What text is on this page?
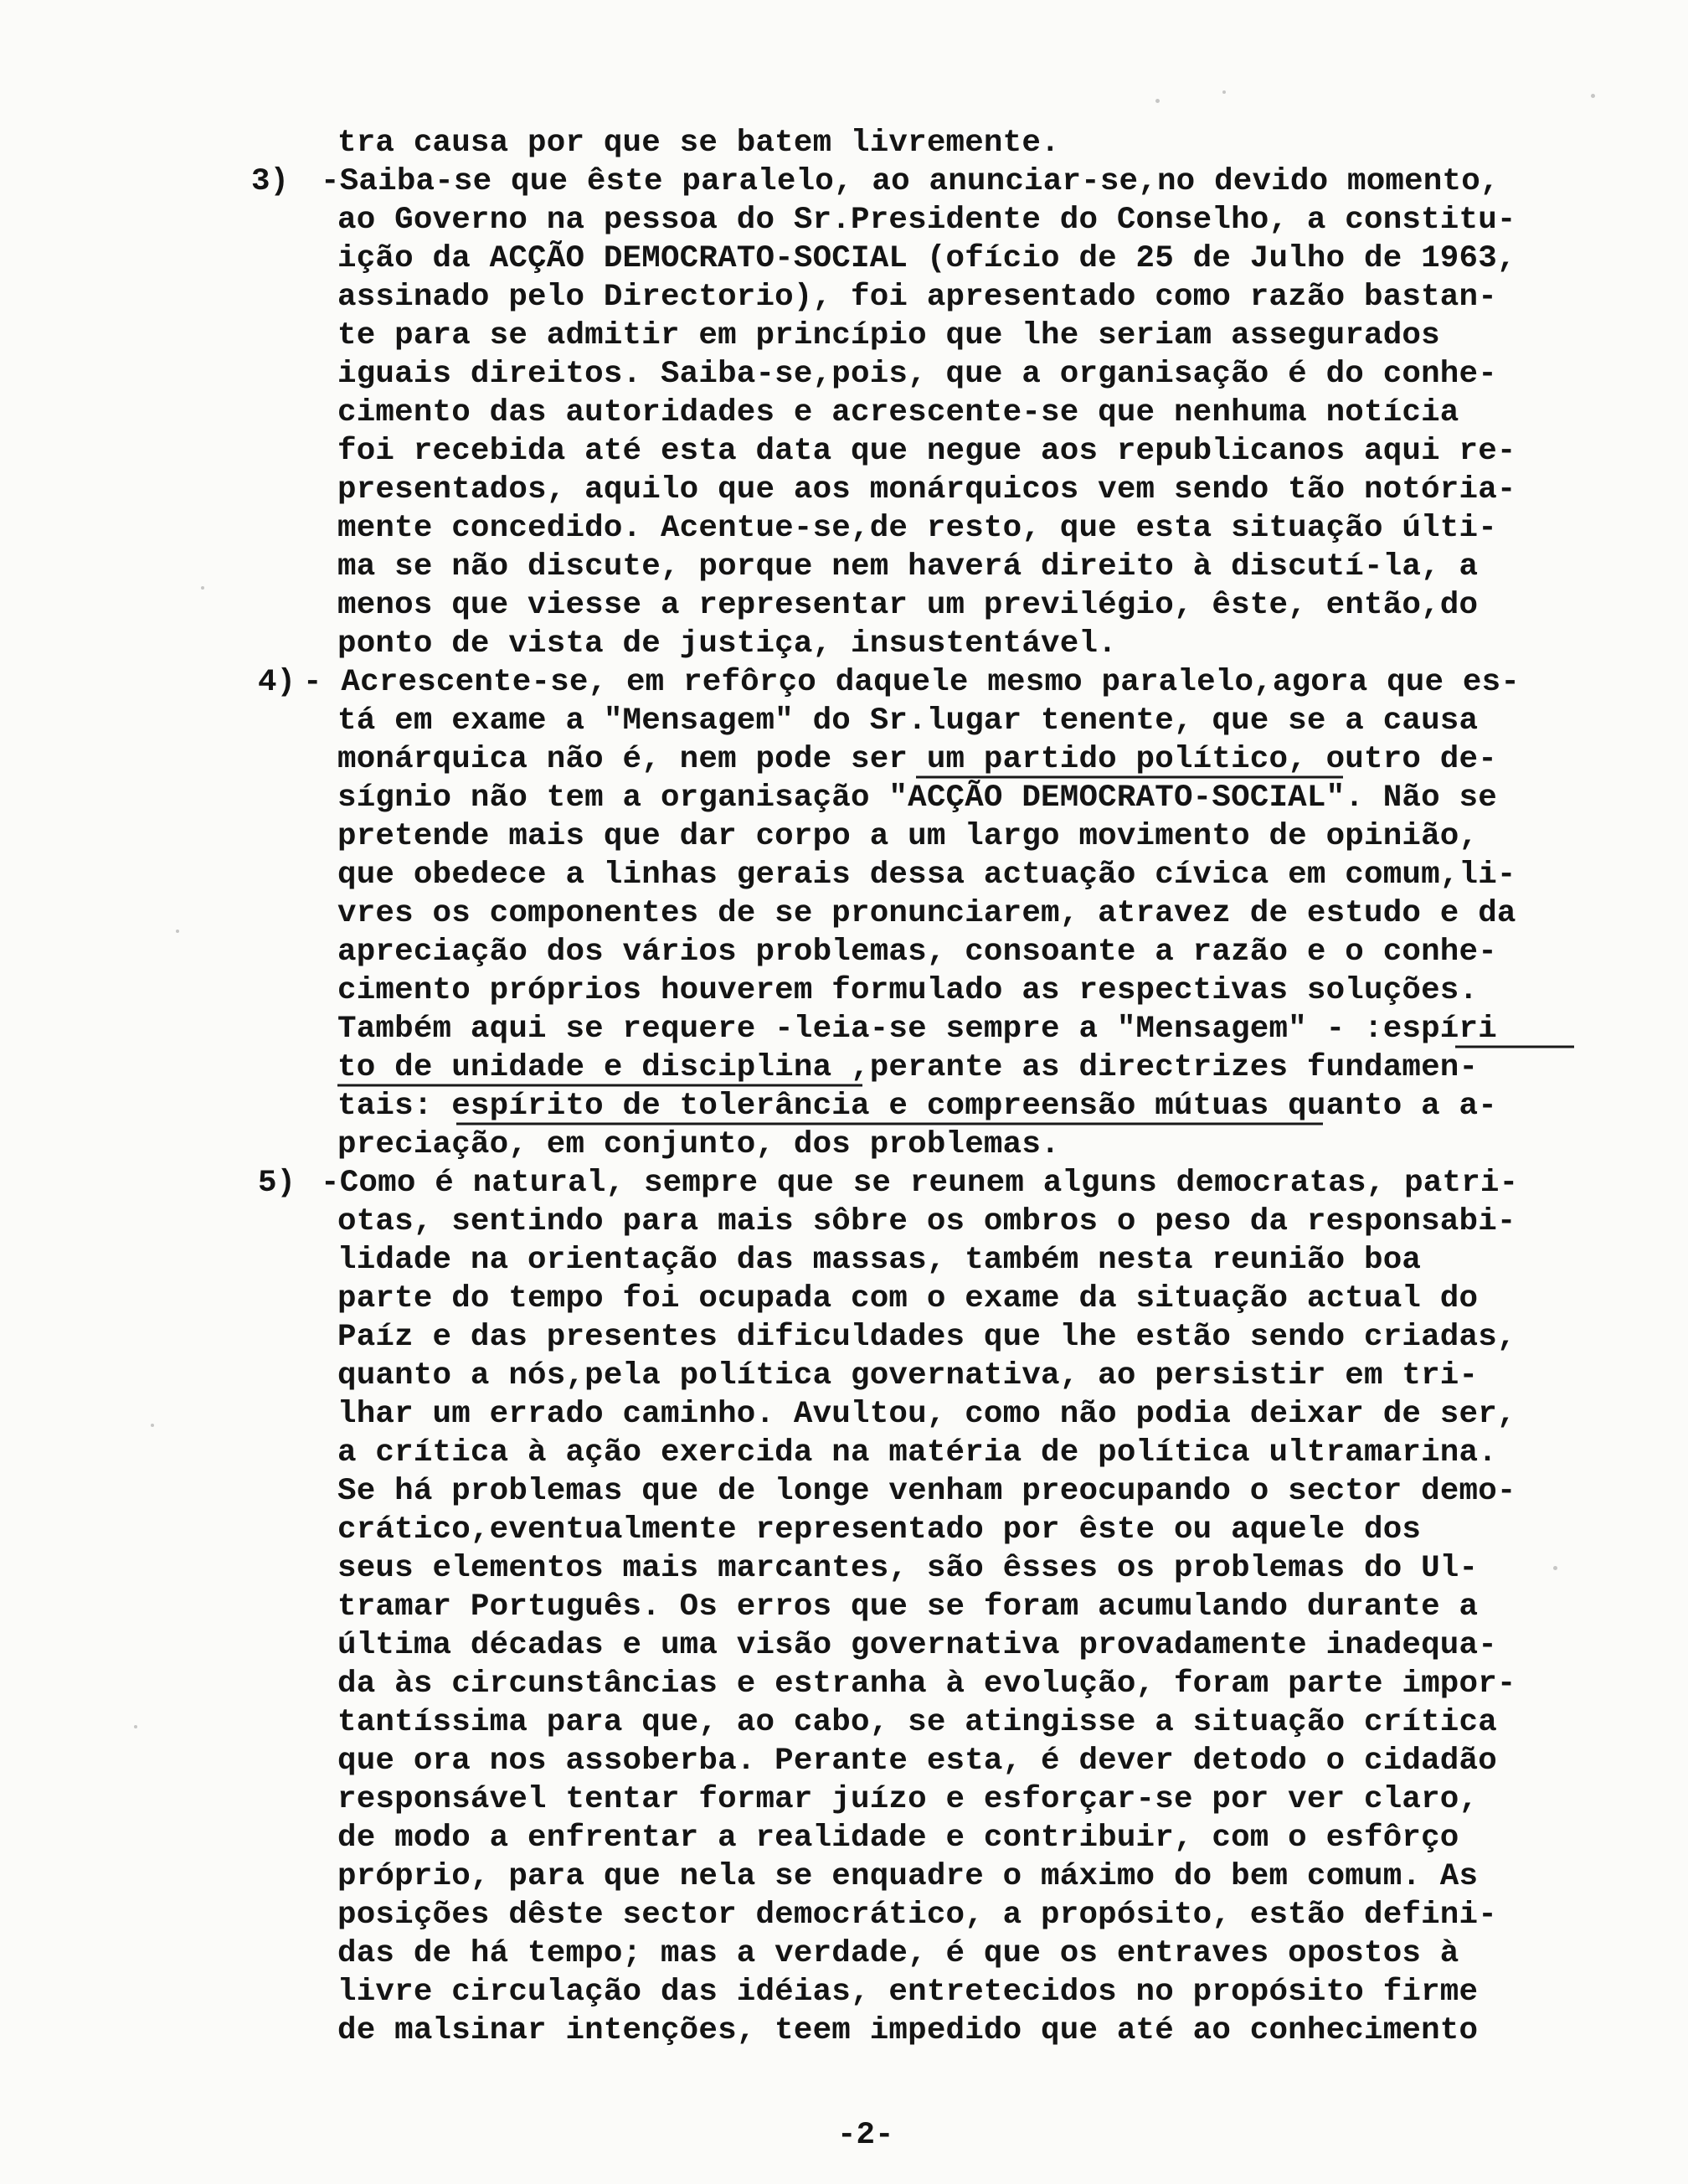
tra causa por que se batem livremente.
3) -Saiba-se que êste paralelo, ao anunciar-se,no devido momento,
ao Governo na pessoa do Sr.Presidente do Conselho, a constitu-
ição da ACÇÃO DEMOCRATO-SOCIAL (ofício de 25 de Julho de 1963,
assinado pelo Directorio), foi apresentado como razão bastan-
te para se admitir em princípio que lhe seriam assegurados
iguais direitos. Saiba-se,pois, que a organisação é do conhe-
cimento das autoridades e acrescente-se que nenhuma notícia
foi recebida até esta data que negue aos republicanos aqui re-
presentados, aquilo que aos monárquicos vem sendo tão notória-
mente concedido. Acentue-se,de resto, que esta situação últi-
ma se não discute, porque nem haverá direito à discutí-la, a
menos que viesse a representar um previlégio, êste, então,do
ponto de vista de justiça, insustentável.
4) - Acrescente-se, em refôrço daquele mesmo paralelo,agora que es-
tá em exame a "Mensagem" do Sr.lugar tenente, que se a causa
monárquica não é, nem pode ser um partido político, outro de-
sígnio não tem a organisação "ACÇÃO DEMOCRATO-SOCIAL". Não se
pretende mais que dar corpo a um largo movimento de opinião,
que obedece a linhas gerais dessa actuação cívica em comum,li-
vres os componentes de se pronunciarem, atravez de estudo e da
apreciação dos vários problemas, consoante a razão e o conhe-
cimento próprios houverem formulado as respectivas soluções.
Também aqui se requere -leia-se sempre a "Mensagem" - :espíri
to de unidade e disciplina ,perante as directrizes fundamen-
tais: espírito de tolerância e compreensão mútuas quanto a a-
preciação, em conjunto, dos problemas.
5) -Como é natural, sempre que se reunem alguns democratas, patri-
otas, sentindo para mais sôbre os ombros o peso da responsabi-
lidade na orientação das massas, também nesta reunião boa
parte do tempo foi ocupada com o exame da situação actual do
Paíz e das presentes dificuldades que lhe estão sendo criadas,
quanto a nós,pela política governativa, ao persistir em tri-
lhar um errado caminho. Avultou, como não podia deixar de ser,
a crítica à ação exercida na matéria de política ultramarina.
Se há problemas que de longe venham preocupando o sector demo-
crático,eventualmente representado por êste ou aquele dos
seus elementos mais marcantes, são êsses os problemas do Ul-
tramar Português. Os erros que se foram acumulando durante a
última décadas e uma visão governativa provadamente inadequa-
da às circunstâncias e estranha à evolução, foram parte impor-
tantíssima para que, ao cabo, se atingisse a situação crítica
que ora nos assoberba. Perante esta, é dever detodo o cidadão
responsável tentar formar juízo e esforçar-se por ver claro,
de modo a enfrentar a realidade e contribuir, com o esfôrço
próprio, para que nela se enquadre o máximo do bem comum. As
posições dêste sector democrático, a propósito, estão defini-
das de há tempo; mas a verdade, é que os entraves opostos à
livre circulação das idéias, entretecidos no propósito firme
de malsinar intenções, teem impedido que até ao conhecimento
-2-
